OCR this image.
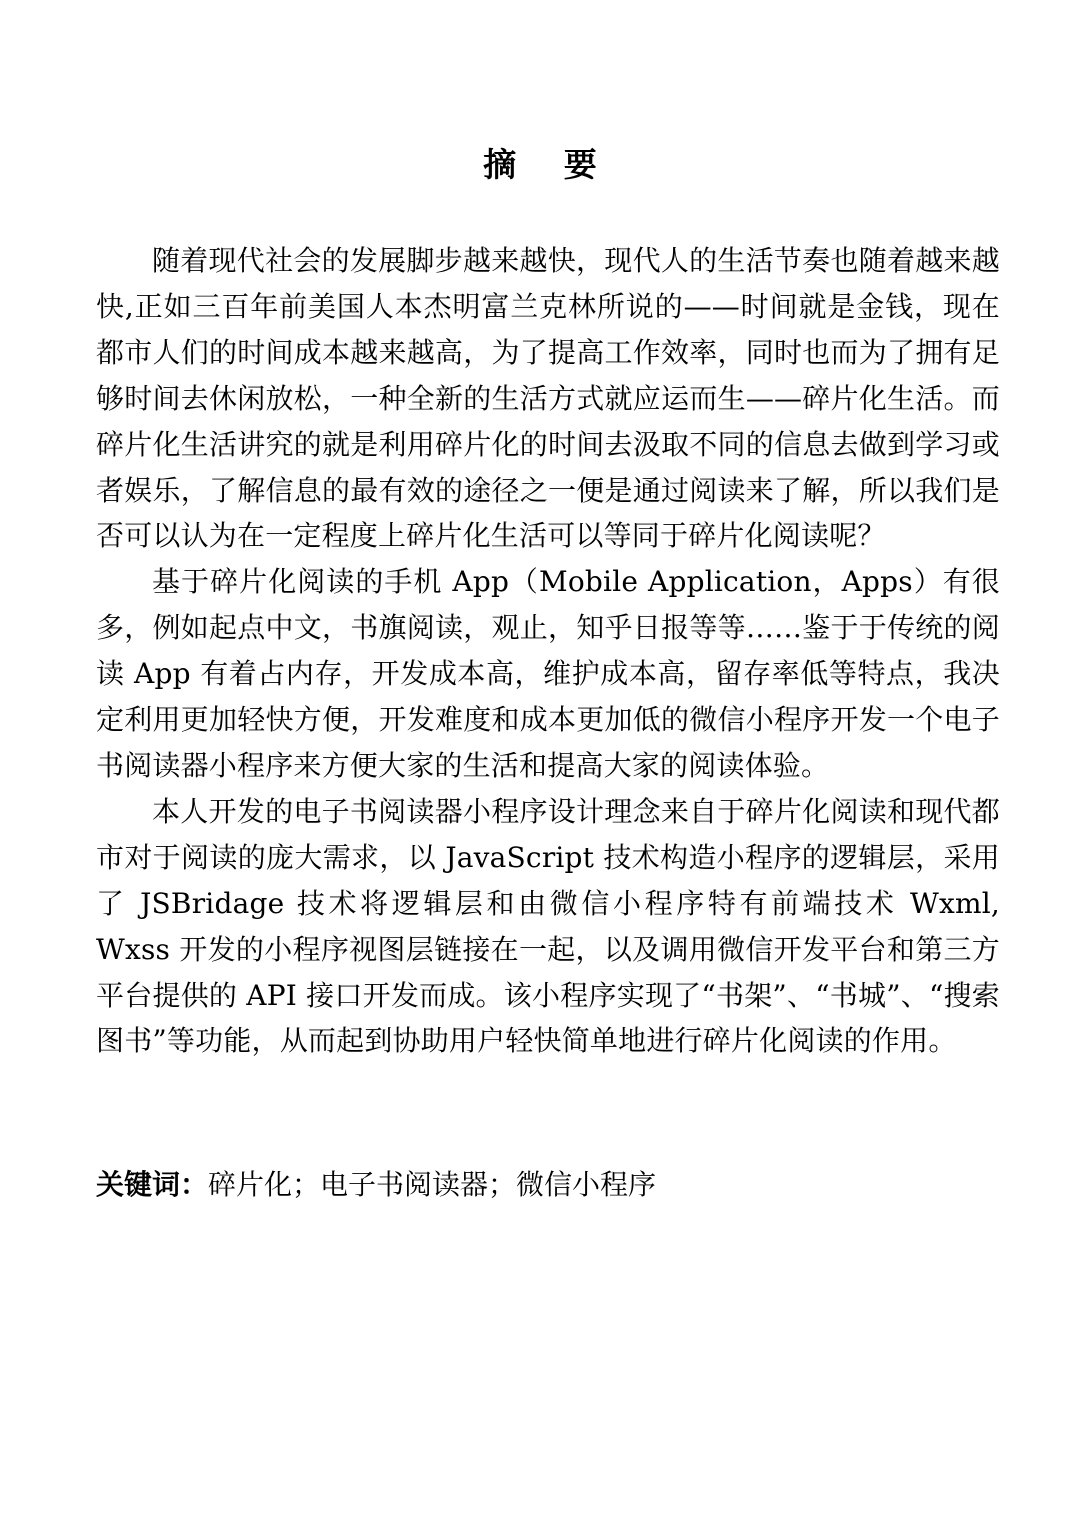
摘 要

随着现代社会的发展脚步越来越快，现代人的生活节奏也随着越来越快,正如三百年前美国人本杰明富兰克林所说的——时间就是金钱，现在都市人们的时间成本越来越高，为了提高工作效率，同时也而为了拥有足够时间去休闲放松，一种全新的生活方式就应运而生——碎片化生活。而碎片化生活讲究的就是利用碎片化的时间去汲取不同的信息去做到学习或者娱乐，了解信息的最有效的途径之一便是通过阅读来了解，所以我们是否可以认为在一定程度上碎片化生活可以等同于碎片化阅读呢？

基于碎片化阅读的手机 App（Mobile Application，Apps）有很多，例如起点中文，书旗阅读，观止，知乎日报等等……鉴于于传统的阅读 App 有着占内存，开发成本高，维护成本高，留存率低等特点，我决定利用更加轻快方便，开发难度和成本更加低的微信小程序开发一个电子书阅读器小程序来方便大家的生活和提高大家的阅读体验。

本人开发的电子书阅读器小程序设计理念来自于碎片化阅读和现代都市对于阅读的庞大需求，以 JavaScript 技术构造小程序的逻辑层，采用了 JSBridage 技术将逻辑层和由微信小程序特有前端技术 Wxml, Wxss 开发的小程序视图层链接在一起，以及调用微信开发平台和第三方平台提供的 API 接口开发而成。该小程序实现了“书架”、“书城”、“搜索图书”等功能，从而起到协助用户轻快简单地进行碎片化阅读的作用。

关键词：碎片化；电子书阅读器；微信小程序
